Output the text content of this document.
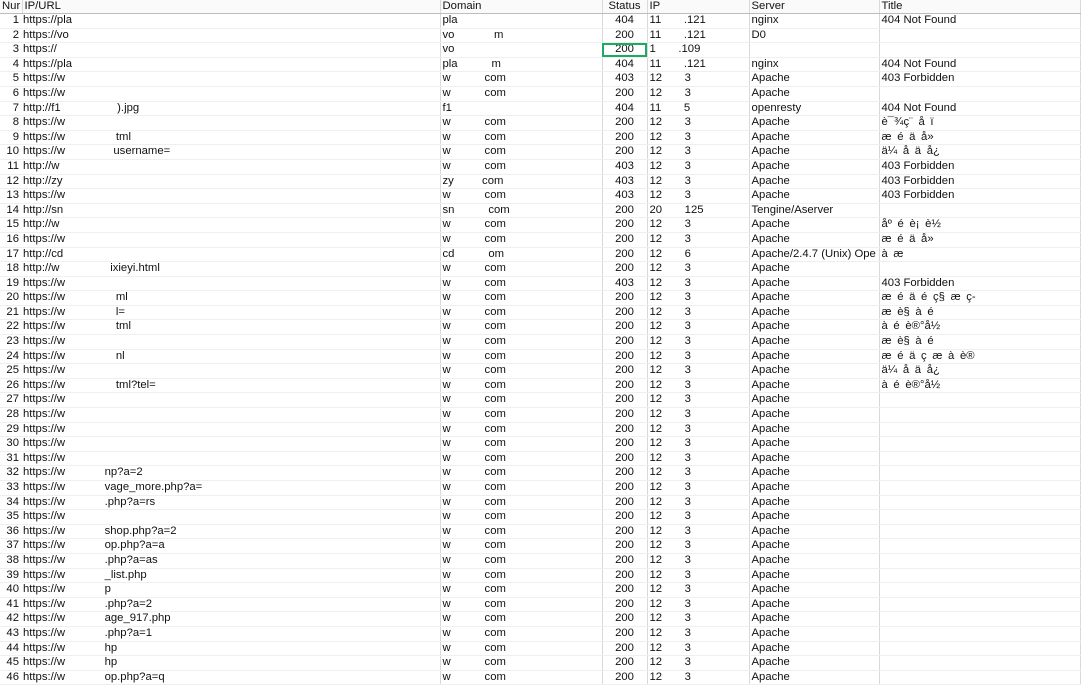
Nur	IP/URL	Domain	Status	IP	Server	Title
1	https://pla          	pla        	404	11    .121	nginx	404 Not Found
2	https://vo         	vo       m	200	11    .121	D0	
3	https://          	vo     	200	1    .109		
4	https://pla          	pla      m	404	11    .121	nginx	404 Not Found
5	https://w        	w      com	403	12    3	Apache	403 Forbidden
6	https://w          	w      com	200	12    3	Apache	
7	http://f1          ).jpg	f1     	404	11    5	openresty	404 Not Found
8	https://w          	w      com	200	12    3	Apache	è¯¾ç¨ å ï 
9	https://w         tml	w      com	200	12    3	Apache	æ é ä å»
10	https://w         username=	w      com	200	12    3	Apache	ä¼ å ä å¿
11	http://w         	w      com	403	12    3	Apache	403 Forbidden
12	http://zy        	zy     com	403	12    3	Apache	403 Forbidden
13	https://w         	w      com	403	12    3	Apache	403 Forbidden
14	http://sn     	sn      com	200	20    125	Tengine/Aserver	
15	http://w          	w      com	200	12    3	Apache	åº é è¡ è½
16	https://w         	w      com	200	12    3	Apache	æ é ä å»
17	http://cd         	cd      om	200	12    6	Apache/2.4.7 (Unix) Ope	à æ 
18	http://w         ixieyi.html	w      com	200	12    3	Apache	
19	https://w      	w      com	403	12    3	Apache	403 Forbidden
20	https://w         ml	w      com	200	12    3	Apache	æ é ä é ç§ æ ç-
21	https://w         l=	w      com	200	12    3	Apache	æ è§ à é
22	https://w         tml	w      com	200	12    3	Apache	à é è®°å½ 
23	https://w        	w      com	200	12    3	Apache	æ è§ à é
24	https://w         nl	w      com	200	12    3	Apache	æ é ä ç æ à è®
25	https://w        	w      com	200	12    3	Apache	ä¼ å ä å¿
26	https://w         tml?tel=	w      com	200	12    3	Apache	à é è®°å½ 
27	https://w        	w      com	200	12    3	Apache	
28	https://w        	w      com	200	12    3	Apache	
29	https://w        	w      com	200	12    3	Apache	
30	https://w        	w      com	200	12    3	Apache	
31	https://w        	w      com	200	12    3	Apache	
32	https://w       np?a=2	w      com	200	12    3	Apache	
33	https://w       vage_more.php?a=	w      com	200	12    3	Apache	
34	https://w       .php?a=rs	w      com	200	12    3	Apache	
35	https://w       	w      com	200	12    3	Apache	
36	https://w       shop.php?a=2	w      com	200	12    3	Apache	
37	https://w       op.php?a=a	w      com	200	12    3	Apache	
38	https://w       .php?a=as	w      com	200	12    3	Apache	
39	https://w       _list.php	w      com	200	12    3	Apache	
40	https://w       p	w      com	200	12    3	Apache	
41	https://w       .php?a=2	w      com	200	12    3	Apache	
42	https://w       age_917.php	w      com	200	12    3	Apache	
43	https://w       .php?a=1	w      com	200	12    3	Apache	
44	https://w       hp	w      com	200	12    3	Apache	
45	https://w       hp	w      com	200	12    3	Apache	
46	https://w       op.php?a=q	w      com	200	12    3	Apache	
